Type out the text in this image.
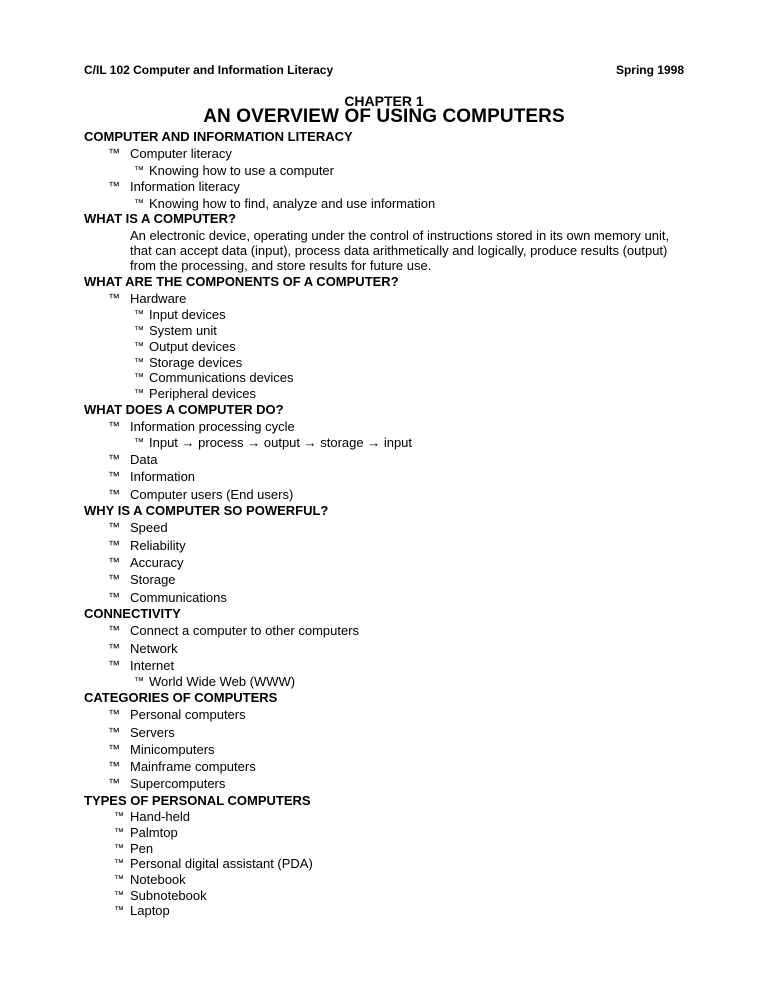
C/IL 102 Computer and Information Literacy	Spring 1998
CHAPTER 1
AN OVERVIEW OF USING COMPUTERS
COMPUTER AND INFORMATION LITERACY
™ Computer literacy
™ Knowing how to use a computer
™ Information literacy
™ Knowing how to find, analyze and use information
WHAT IS A COMPUTER?
An electronic device, operating under the control of instructions stored in its own memory unit, that can accept data (input), process data arithmetically and logically, produce results (output) from the processing, and store results for future use.
WHAT ARE THE COMPONENTS OF A COMPUTER?
™ Hardware
™ Input devices
™ System unit
™ Output devices
™ Storage devices
™ Communications devices
™ Peripheral devices
WHAT DOES A COMPUTER DO?
™ Information processing cycle
™ Input → process → output → storage → input
™ Data
™ Information
™ Computer users (End users)
WHY IS A COMPUTER SO POWERFUL?
™ Speed
™ Reliability
™ Accuracy
™ Storage
™ Communications
CONNECTIVITY
™ Connect a computer to other computers
™ Network
™ Internet
™ World Wide Web (WWW)
CATEGORIES OF COMPUTERS
™ Personal computers
™ Servers
™ Minicomputers
™ Mainframe computers
™ Supercomputers
TYPES OF PERSONAL COMPUTERS
™ Hand-held
™ Palmtop
™ Pen
™ Personal digital assistant (PDA)
™ Notebook
™ Subnotebook
™ Laptop
